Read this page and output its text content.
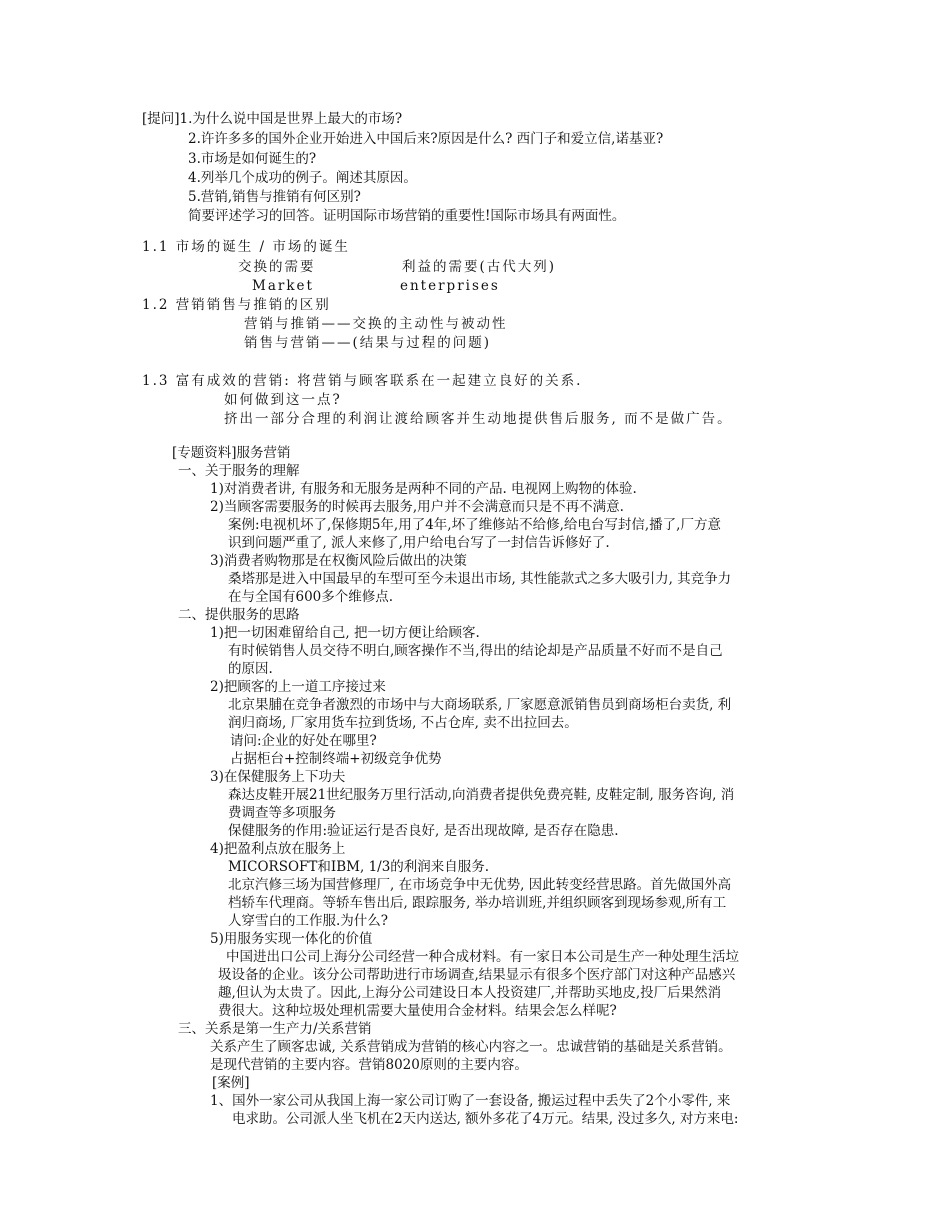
[提问]1.为什么说中国是世界上最大的市场?
2.许许多多的国外企业开始进入中国后来?原因是什么? 西门子和爱立信,诺基亚?
3.市场是如何诞生的?
4.列举几个成功的例子。阐述其原因。
5.营销,销售与推销有何区别?
简要评述学习的回答。证明国际市场营销的重要性!国际市场具有两面性。
1.1 市场的诞生 / 市场的诞生
交换的需要	利益的需要(古代大列)
Market	enterprises
1.2 营销销售与推销的区别
营销与推销——交换的主动性与被动性
销售与营销——(结果与过程的问题)
1.3 富有成效的营销: 将营销与顾客联系在一起建立良好的关系.
如何做到这一点?
挤出一部分合理的利润让渡给顾客并生动地提供售后服务, 而不是做广告。
[专题资料]服务营销
一、关于服务的理解
1)对消费者讲, 有服务和无服务是两种不同的产品. 电视网上购物的体验.
2)当顾客需要服务的时候再去服务,用户并不会满意而只是不再不满意.
案例:电视机坏了,保修期5年,用了4年,坏了维修站不给修,给电台写封信,播了,厂方意
识到问题严重了, 派人来修了,用户给电台写了一封信告诉修好了.
3)消费者购物那是在权衡风险后做出的决策
桑塔那是进入中国最早的车型可至今未退出市场, 其性能款式之多大吸引力, 其竞争力
在与全国有600多个维修点.
二、提供服务的思路
1)把一切困难留给自己, 把一切方便让给顾客.
有时候销售人员交待不明白,顾客操作不当,得出的结论却是产品质量不好而不是自己
的原因.
2)把顾客的上一道工序接过来
北京果脯在竞争者激烈的市场中与大商场联系, 厂家愿意派销售员到商场柜台卖货, 利
润归商场, 厂家用货车拉到货场, 不占仓库, 卖不出拉回去。
请问:企业的好处在哪里?
占据柜台+控制终端+初级竞争优势
3)在保健服务上下功夫
森达皮鞋开展21世纪服务万里行活动,向消费者提供免费亮鞋, 皮鞋定制, 服务咨询, 消
费调查等多项服务
保健服务的作用:验证运行是否良好, 是否出现故障, 是否存在隐患.
4)把盈利点放在服务上
MICORSOFT和IBM, 1/3的利润来自服务.
北京汽修三场为国营修理厂, 在市场竞争中无优势, 因此转变经营思路。首先做国外高
档轿车代理商。等轿车售出后, 跟踪服务, 举办培训班,并组织顾客到现场参观,所有工
人穿雪白的工作服.为什么?
5)用服务实现一体化的价值
中国进出口公司上海分公司经营一种合成材料。有一家日本公司是生产一种处理生活垃
圾设备的企业。该分公司帮助进行市场调查,结果显示有很多个医疗部门对这种产品感兴
趣,但认为太贵了。因此,上海分公司建设日本人投资建厂,并帮助买地皮,投厂后果然消
费很大。这种垃圾处理机需要大量使用合金材料。结果会怎么样呢?
三、关系是第一生产力/关系营销
关系产生了顾客忠诚, 关系营销成为营销的核心内容之一。忠诚营销的基础是关系营销。
是现代营销的主要内容。营销8020原则的主要内容。
[案例]
1、国外一家公司从我国上海一家公司订购了一套设备, 搬运过程中丢失了2个小零件, 来
电求助。公司派人坐飞机在2天内送达, 额外多花了4万元。结果, 没过多久, 对方来电:
